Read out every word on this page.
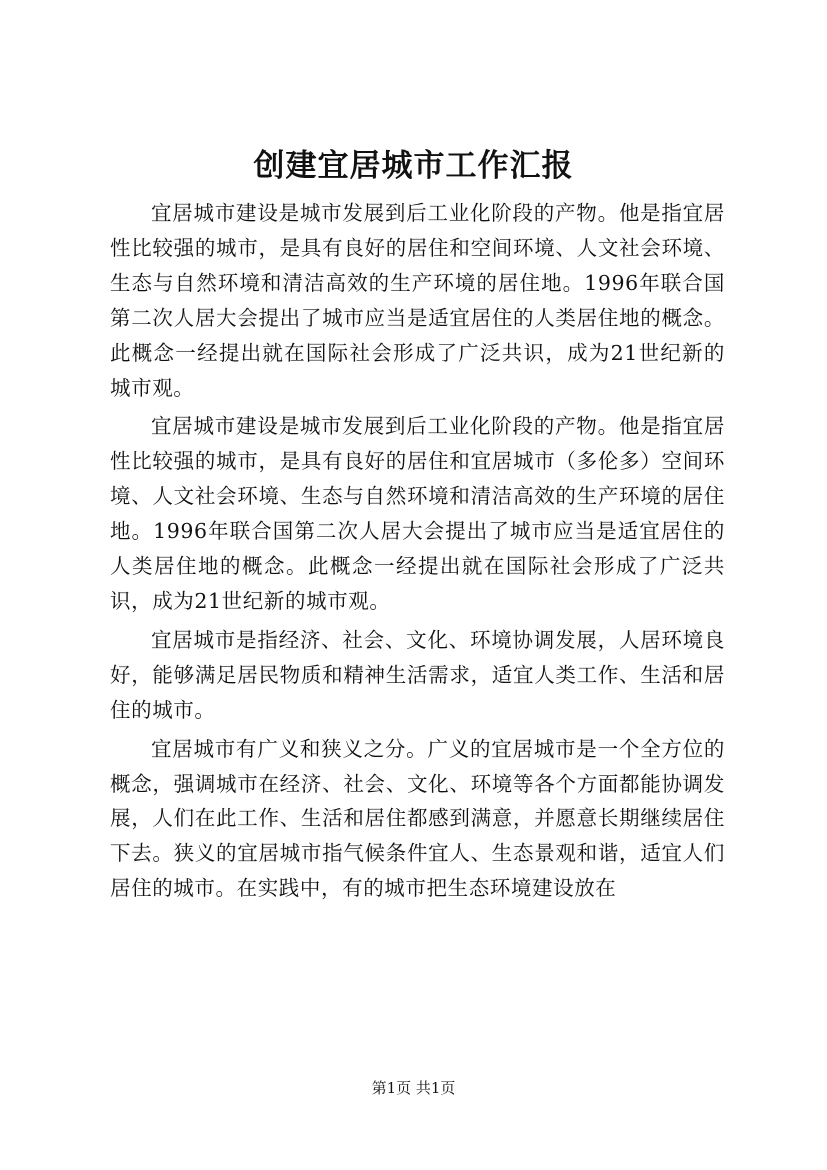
创建宜居城市工作汇报

宜居城市建设是城市发展到后工业化阶段的产物。他是指宜居性比较强的城市，是具有良好的居住和空间环境、人文社会环境、生态与自然环境和清洁高效的生产环境的居住地。1996年联合国第二次人居大会提出了城市应当是适宜居住的人类居住地的概念。此概念一经提出就在国际社会形成了广泛共识，成为21世纪新的城市观。

宜居城市建设是城市发展到后工业化阶段的产物。他是指宜居性比较强的城市，是具有良好的居住和宜居城市（多伦多）空间环境、人文社会环境、生态与自然环境和清洁高效的生产环境的居住地。1996年联合国第二次人居大会提出了城市应当是适宜居住的人类居住地的概念。此概念一经提出就在国际社会形成了广泛共识，成为21世纪新的城市观。

宜居城市是指经济、社会、文化、环境协调发展，人居环境良好，能够满足居民物质和精神生活需求，适宜人类工作、生活和居住的城市。

宜居城市有广义和狭义之分。广义的宜居城市是一个全方位的概念，强调城市在经济、社会、文化、环境等各个方面都能协调发展，人们在此工作、生活和居住都感到满意，并愿意长期继续居住下去。狭义的宜居城市指气候条件宜人、生态景观和谐，适宜人们居住的城市。在实践中，有的城市把生态环境建设放在

第1页 共1页
